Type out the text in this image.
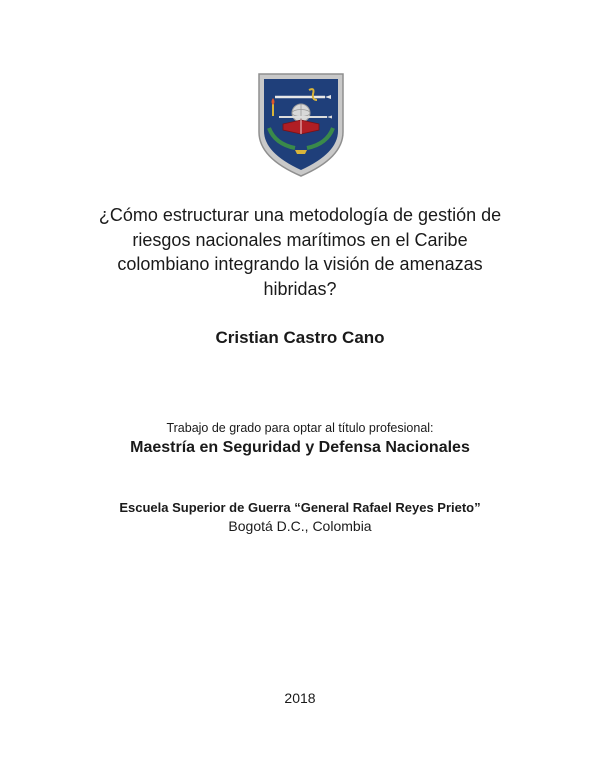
¿Cómo estructurar una metodología de gestión de
riesgos nacionales marítimos en el Caribe
colombiano integrando la visión de amenazas
hibridas?
Cristian Castro Cano
Trabajo de grado para optar al título profesional:
Maestría en Seguridad y Defensa Nacionales
Escuela Superior de Guerra “General Rafael Reyes Prieto”
Bogotá D.C., Colombia
2018
